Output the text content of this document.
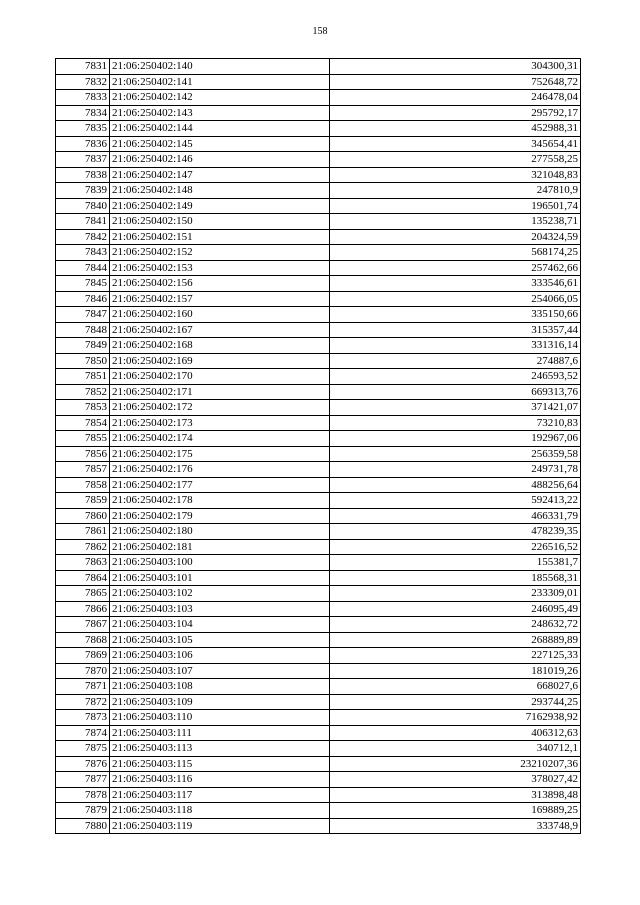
158
7831	21:06:250402:140	304300,31
7832	21:06:250402:141	752648,72
7833	21:06:250402:142	246478,04
7834	21:06:250402:143	295792,17
7835	21:06:250402:144	452988,31
7836	21:06:250402:145	345654,41
7837	21:06:250402:146	277558,25
7838	21:06:250402:147	321048,83
7839	21:06:250402:148	247810,9
7840	21:06:250402:149	196501,74
7841	21:06:250402:150	135238,71
7842	21:06:250402:151	204324,59
7843	21:06:250402:152	568174,25
7844	21:06:250402:153	257462,66
7845	21:06:250402:156	333546,61
7846	21:06:250402:157	254066,05
7847	21:06:250402:160	335150,66
7848	21:06:250402:167	315357,44
7849	21:06:250402:168	331316,14
7850	21:06:250402:169	274887,6
7851	21:06:250402:170	246593,52
7852	21:06:250402:171	669313,76
7853	21:06:250402:172	371421,07
7854	21:06:250402:173	73210,83
7855	21:06:250402:174	192967,06
7856	21:06:250402:175	256359,58
7857	21:06:250402:176	249731,78
7858	21:06:250402:177	488256,64
7859	21:06:250402:178	592413,22
7860	21:06:250402:179	466331,79
7861	21:06:250402:180	478239,35
7862	21:06:250402:181	226516,52
7863	21:06:250403:100	155381,7
7864	21:06:250403:101	185568,31
7865	21:06:250403:102	233309,01
7866	21:06:250403:103	246095,49
7867	21:06:250403:104	248632,72
7868	21:06:250403:105	268889,89
7869	21:06:250403:106	227125,33
7870	21:06:250403:107	181019,26
7871	21:06:250403:108	668027,6
7872	21:06:250403:109	293744,25
7873	21:06:250403:110	7162938,92
7874	21:06:250403:111	406312,63
7875	21:06:250403:113	340712,1
7876	21:06:250403:115	23210207,36
7877	21:06:250403:116	378027,42
7878	21:06:250403:117	313898,48
7879	21:06:250403:118	169889,25
7880	21:06:250403:119	333748,9
